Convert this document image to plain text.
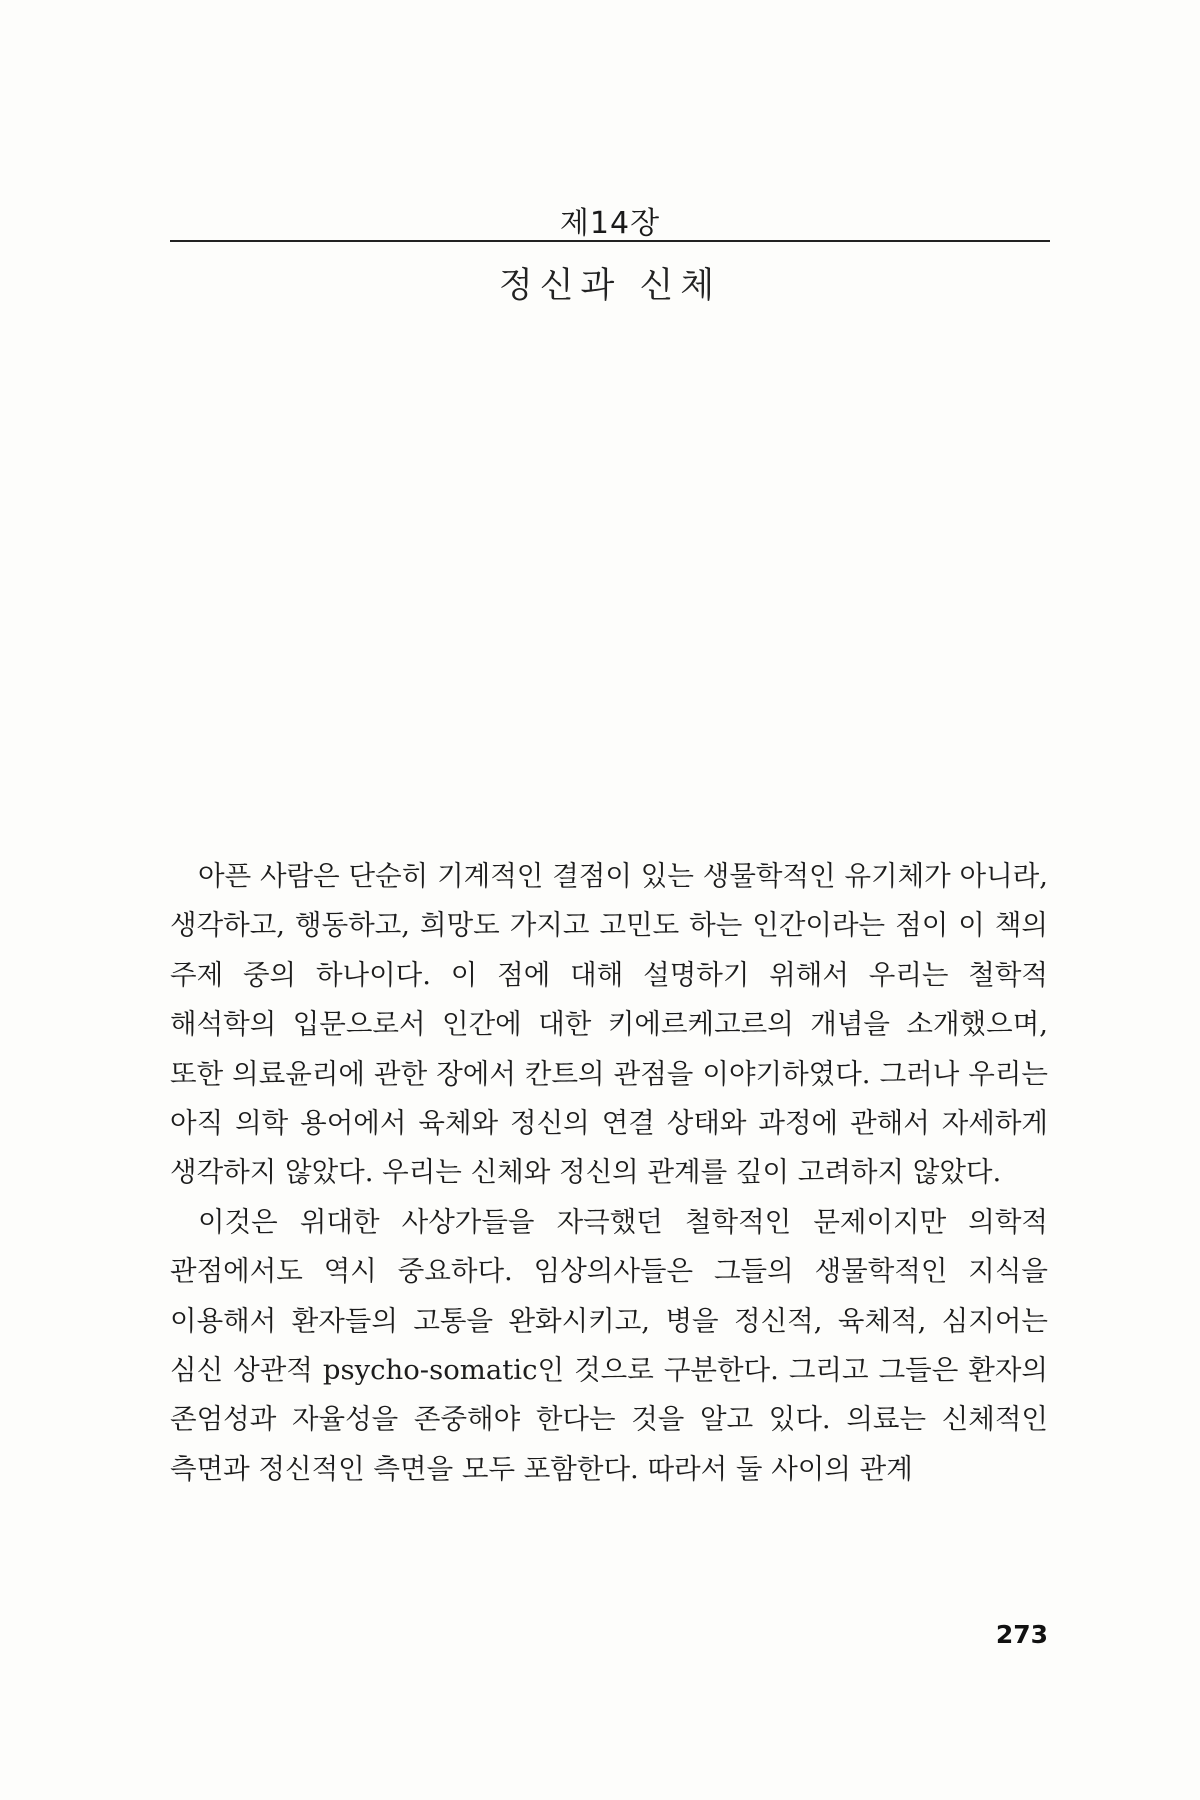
제14장
정신과 신체

아픈 사람은 단순히 기계적인 결점이 있는 생물학적인 유기체가 아니라, 생각하고, 행동하고, 희망도 가지고 고민도 하는 인간이라는 점이 이 책의 주제 중의 하나이다. 이 점에 대해 설명하기 위해서 우리는 철학적 해석학의 입문으로서 인간에 대한 키에르케고르의 개념을 소개했으며, 또한 의료윤리에 관한 장에서 칸트의 관점을 이야기하였다. 그러나 우리는 아직 의학 용어에서 육체와 정신의 연결 상태와 과정에 관해서 자세하게 생각하지 않았다. 우리는 신체와 정신의 관계를 깊이 고려하지 않았다.

이것은 위대한 사상가들을 자극했던 철학적인 문제이지만 의학적 관점에서도 역시 중요하다. 임상의사들은 그들의 생물학적인 지식을 이용해서 환자들의 고통을 완화시키고, 병을 정신적, 육체적, 심지어는 심신 상관적 psycho-somatic인 것으로 구분한다. 그리고 그들은 환자의 존엄성과 자율성을 존중해야 한다는 것을 알고 있다. 의료는 신체적인 측면과 정신적인 측면을 모두 포함한다. 따라서 둘 사이의 관계

273
